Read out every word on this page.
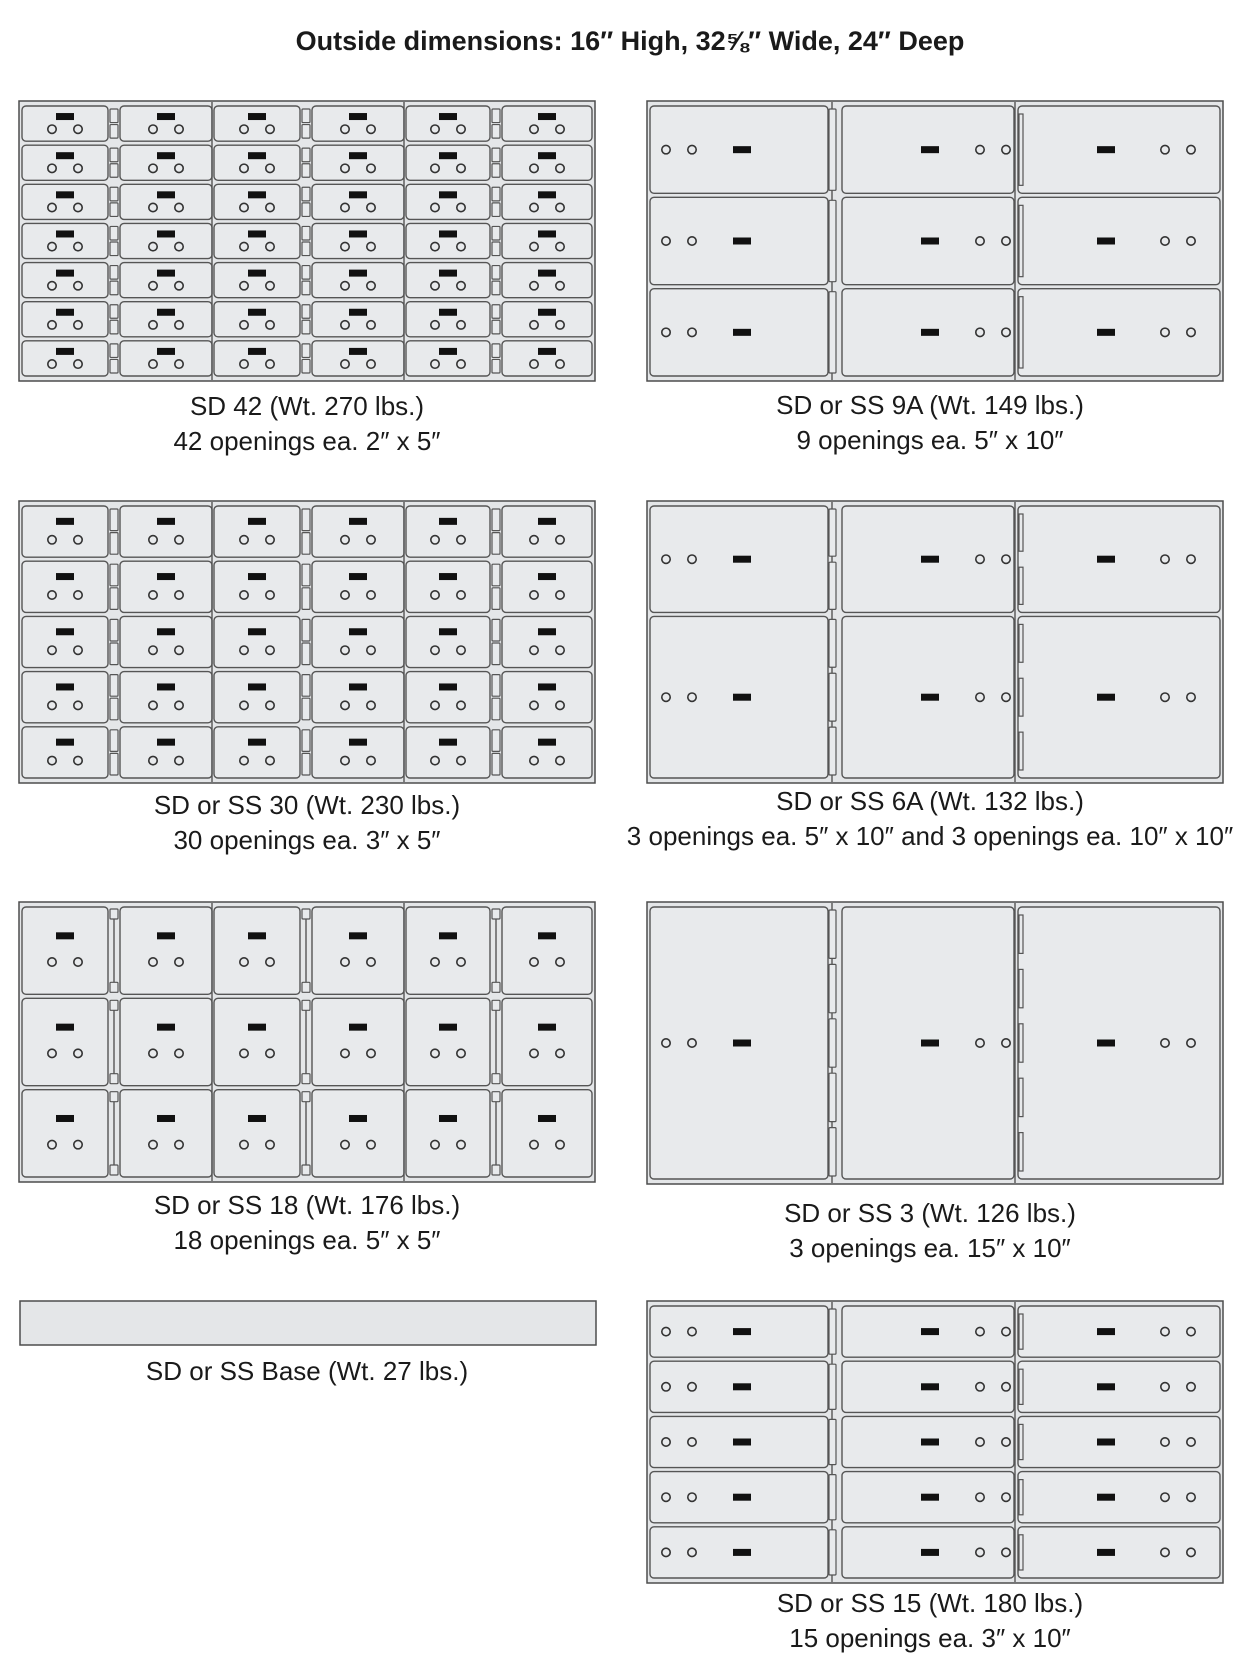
Outside dimensions: 16″ High, 32⅝″ Wide, 24″ Deep
SD 42 (Wt. 270 lbs.)
42 openings ea. 2″ x 5″
SD or SS 30 (Wt. 230 lbs.)
30 openings ea. 3″ x 5″
SD or SS 18 (Wt. 176 lbs.)
18 openings ea. 5″ x 5″
SD or SS Base (Wt. 27 lbs.)
SD or SS 9A (Wt. 149 lbs.)
9 openings ea. 5″ x 10″
SD or SS 6A (Wt. 132 lbs.)
3 openings ea. 5″ x 10″ and 3 openings ea. 10″ x 10″
SD or SS 3 (Wt. 126 lbs.)
3 openings ea. 15″ x 10″
SD or SS 15 (Wt. 180 lbs.)
15 openings ea. 3″ x 10″
